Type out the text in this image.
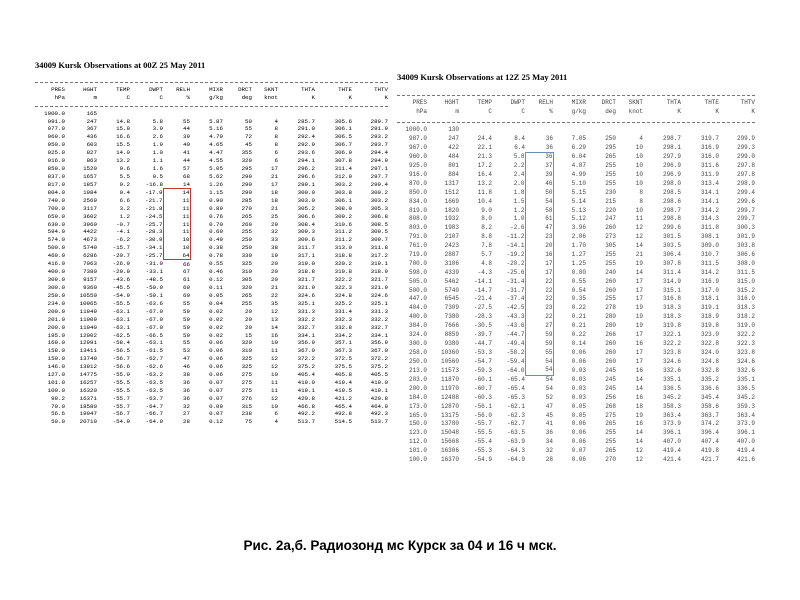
34009 Kursk Observations at 00Z 25 May 2011

PRES	HGHT	TEMP	DWPT	RELH	MIXR	DRCT	SKNT	THTA	THTE	THTV
hPa	m	C	C	%	g/kg	deg	knot	K	K	K

1000.0	165									
991.0	247	14.8	5.8	55	5.87	50	4	285.7	305.6	289.7
977.0	367	15.9	3.9	44	5.16	55	8	291.0	306.1	291.9
969.0	436	16.6	2.6	39	4.79	72	8	292.4	306.5	293.2
950.0	603	15.5	1.9	40	4.65	45	8	292.9	306.7	293.7
925.0	827	14.0	1.0	41	4.47	355	6	293.6	306.9	294.4
916.0	863	13.2	1.1	44	4.55	320	6	294.1	307.8	294.9
850.0	1520	9.6	1.6	57	5.05	295	17	296.2	311.4	297.1
837.0	1657	5.5	0.5	68	5.62	290	21	296.6	312.9	297.7
817.0	1857	9.2	-16.8	14	1.26	290	17	299.1	303.2	299.4
804.0	1984	9.4	-17.9	14	1.15	290	18	300.0	303.8	300.2
749.0	2569	6.6	-21.7	11	0.90	285	18	303.0	306.1	303.2
700.0	3117	3.2	-21.8	11	0.89	270	21	305.2	308.0	305.3
659.0	3602	1.2	-24.5	11	0.76	265	25	306.6	309.2	306.8
630.0	3960	-0.7	-25.7	11	0.70	260	29	308.4	310.6	308.5
594.0	4422	-4.1	-28.3	11	0.60	255	32	309.3	311.2	309.5
574.0	4673	-6.2	-30.9	10	0.49	250	33	309.6	311.2	309.7
500.0	5740	-15.7	-34.1	10	0.38	250	38	311.7	313.0	311.8
460.0	6286	-20.7	-25.7	64	0.78	330	19	317.1	318.8	317.2
416.0	7063	-26.9	-31.0	66	0.55	325	20	319.0	320.2	319.1
400.0	7380	-29.9	-33.1	67	0.46	310	20	318.8	319.8	318.9
309.0	9157	-43.6	-48.5	61	0.12	305	20	321.7	322.2	321.7
300.0	9360	-45.5	-50.0	60	0.11	320	21	321.9	322.3	321.9
250.0	10550	-54.9	-59.1	60	0.05	265	22	324.6	324.8	324.6
234.0	10965	-55.5	-63.6	55	0.04	255	35	325.1	325.2	325.1
200.0	11949	-63.1	-67.0	59	0.02	20	12	331.3	331.4	331.3
201.0	11909	-63.1	-67.0	59	0.02	20	13	332.2	332.3	332.2
200.0	11940	-63.1	-67.0	59	0.02	20	14	332.7	332.8	332.7
195.0	12002	-62.5	-66.5	59	0.02	15	16	334.1	334.2	334.1
169.0	12991	-58.4	-63.1	55	0.06	320	10	356.9	357.1	356.9
158.0	13411	-56.5	-61.5	53	0.06	310	11	367.0	367.3	367.0
150.0	13740	-56.7	-62.7	47	0.06	325	12	372.2	372.5	372.2
146.0	13912	-56.6	-62.6	46	0.06	325	12	375.2	375.5	375.2
127.0	14775	-55.9	-63.2	38	0.06	275	10	405.4	405.8	405.5
101.0	16257	-55.5	-63.5	36	0.07	275	11	419.0	419.4	419.0
100.0	16320	-55.5	-63.5	36	0.07	275	11	419.1	419.5	419.1
99.2	16371	-55.7	-63.7	36	0.07	276	12	420.8	421.2	420.8
70.0	18580	-55.7	-64.7	32	0.09	315	10	466.8	465.4	464.9
56.6	19947	-56.7	-66.7	27	0.07	238	6	492.2	492.8	492.3
50.0	20710	-54.9	-64.9	28	0.12	75	4	513.7	514.5	513.7
34009 Kursk Observations at 12Z 25 May 2011

PRES	HGHT	TEMP	DWPT	RELH	MIXR	DRCT	SKNT	THTA	THTE	THTV
hPa	m	C	C	%	g/kg	deg	knot	K	K	K

1000.0	130									
987.0	247	24.4	8.4	36	7.05	250	4	298.7	319.7	299.9
967.0	422	22.1	6.4	36	6.29	295	10	298.1	316.9	299.3
960.0	484	21.3	5.8	36	6.04	265	10	297.9	316.0	299.0
925.0	801	17.2	2.2	37	4.87	255	10	296.9	311.6	297.8
916.0	884	16.4	2.4	39	4.99	255	10	296.9	311.9	297.8
870.0	1317	13.2	2.0	46	5.10	255	10	298.0	313.4	298.9
850.0	1512	11.8	1.8	50	5.15	230	8	298.5	314.1	299.4
834.0	1669	10.4	1.5	54	5.14	215	8	298.6	314.1	299.6
819.0	1820	9.0	1.2	58	5.13	220	10	298.7	314.2	299.7
808.0	1932	8.0	1.0	61	5.12	247	11	298.8	314.3	299.7
803.0	1983	8.2	-2.6	47	3.96	260	12	299.6	311.8	300.3
791.0	2107	8.8	-11.2	23	2.06	273	12	301.5	308.1	301.9
761.0	2423	7.8	-14.1	20	1.70	305	14	303.5	309.0	303.8
719.0	2887	5.7	-19.2	16	1.27	255	21	306.4	310.7	306.6
700.0	3106	4.8	-20.2	17	1.25	255	19	307.8	311.5	308.0
598.0	4339	-4.3	-25.6	17	0.80	240	14	311.4	314.2	311.5
505.0	5462	-14.1	-31.4	22	0.55	260	17	314.9	316.9	315.0
500.0	5740	-14.7	-31.7	22	0.54	260	17	315.1	317.0	315.2
447.0	6545	-21.4	-37.4	22	0.35	255	17	316.8	318.1	316.9
404.0	7309	-27.5	-42.5	23	0.22	278	19	318.3	319.1	318.3
400.0	7380	-28.3	-43.3	22	0.21	280	19	318.3	318.9	318.2
384.0	7666	-30.5	-43.6	27	0.21	280	19	319.8	319.8	319.0
324.0	8859	-39.7	-44.7	59	0.22	266	17	322.1	323.0	322.2
300.0	9380	-44.7	-49.4	59	0.14	260	16	322.2	322.8	322.3
258.0	10360	-53.3	-58.2	55	0.06	260	17	323.8	324.0	323.8
250.0	10560	-54.7	-59.4	54	0.06	260	17	324.6	324.8	324.6
213.0	11573	-59.3	-64.0	54	0.03	245	16	332.6	332.8	332.6
203.0	11870	-60.1	-65.4	54	0.03	245	14	335.1	335.2	335.1
200.0	11970	-60.7	-65.4	54	0.03	245	14	336.5	336.6	336.5
184.0	12488	-60.3	-65.3	52	0.03	256	16	345.2	345.4	345.2
173.0	12870	-56.1	-62.1	47	0.05	268	18	358.3	358.6	359.3
165.0	13175	-56.0	-62.3	45	0.05	275	19	363.4	363.7	363.4
150.0	13780	-55.7	-62.7	41	0.06	265	16	373.9	374.2	373.9
123.0	15048	-55.5	-63.5	36	0.06	255	14	396.1	396.4	396.1
112.0	15668	-55.4	-63.9	34	0.06	255	14	407.0	407.4	407.0
101.0	16306	-55.3	-64.3	32	0.07	265	12	419.4	419.8	419.4
100.0	16370	-54.9	-64.9	28	0.06	270	12	421.4	421.7	421.6
Рис. 2а,б. Радиозонд мс Курск за 04 и 16 ч мск.
